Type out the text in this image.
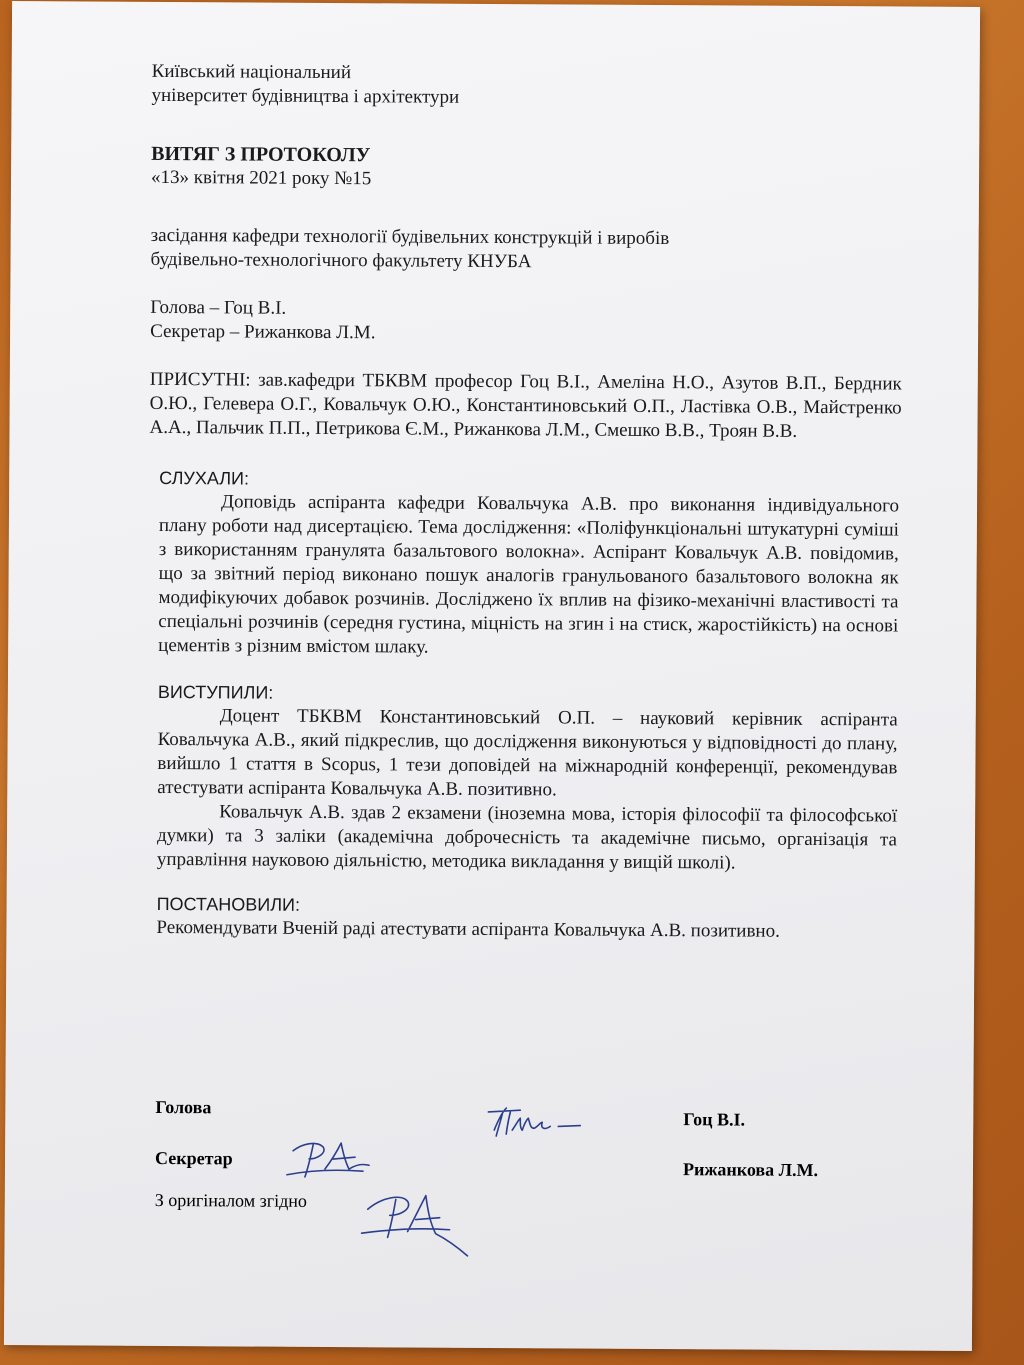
Київський національний
університет будівництва і архітектури
ВИТЯГ З ПРОТОКОЛУ
«13» квітня 2021 року №15
засідання кафедри технології будівельних конструкцій і виробів
будівельно-технологічного факультету КНУБА
Голова – Гоц В.І.
Секретар – Рижанкова Л.М.

ПРИСУТНІ: зав.кафедри ТБКВМ професор Гоц В.І., Амеліна Н.О., Азутов В.П., Бердник О.Ю., Гелевера О.Г., Ковальчук О.Ю., Константиновський О.П., Ластівка О.В., Майстренко А.А., Пальчик П.П., Петрикова Є.М., Рижанкова Л.М., Смешко В.В., Троян В.В.

СЛУХАЛИ:

Доповідь аспіранта кафедри Ковальчука А.В. про виконання індивідуального плану роботи над дисертацією. Тема дослідження: «Поліфункціональні штукатурні суміші з використанням гранулята базальтового волокна». Аспірант Ковальчук А.В. повідомив, що за звітний період виконано пошук аналогів гранульованого базальтового волокна як модифікуючих добавок розчинів. Досліджено їх вплив на фізико-механічні властивості та спеціальні розчинів (середня густина, міцність на згин і на стиск, жаростійкість) на основі цементів з різним вмістом шлаку.

ВИСТУПИЛИ:

Доцент ТБКВМ Константиновський О.П. – науковий керівник аспіранта Ковальчука А.В., який підкреслив, що дослідження виконуються у відповідності до плану, вийшло 1 стаття в Scopus, 1 тези доповідей на міжнародній конференції, рекомендував атестувати аспіранта Ковальчука А.В. позитивно.

Ковальчук А.В. здав 2 екзамени (іноземна мова, історія філософії та філософської думки) та 3 заліки (академічна доброчесність та академічне письмо, організація та управління науковою діяльністю, методика викладання у вищій школі).

ПОСТАНОВИЛИ:
Рекомендувати Вченій раді атестувати аспіранта Ковальчука А.В. позитивно.
Голова
Гоц В.І.
Секретар
Рижанкова Л.М.
З оригіналом згідно
